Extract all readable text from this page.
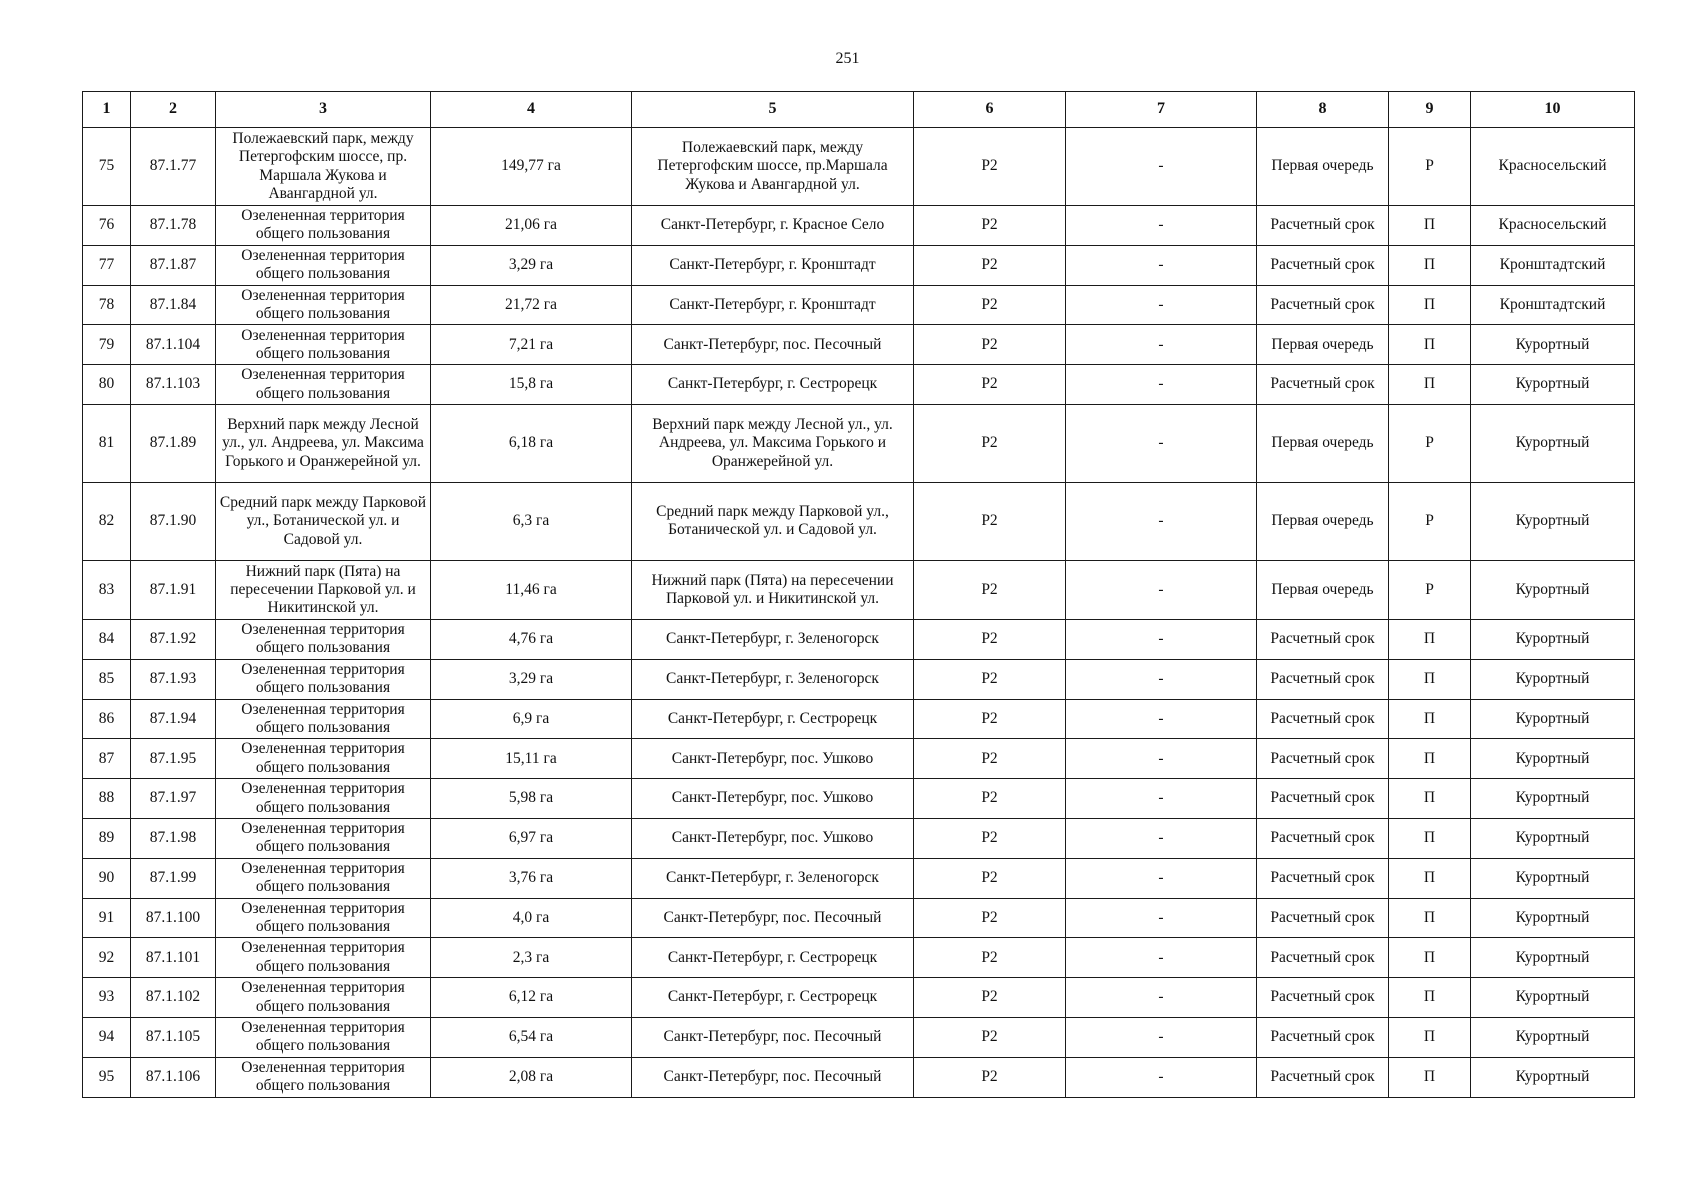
251
1	2	3	4	5	6	7	8	9	10
75	87.1.77	Полежаевский парк, между Петергофским шоссе, пр. Маршала Жукова и Авангардной ул.	149,77 га	Полежаевский парк, между Петергофским шоссе, пр.Маршала Жукова и Авангардной ул.	Р2	-	Первая очередь	Р	Красносельский
76	87.1.78	Озелененная территория общего пользования	21,06 га	Санкт-Петербург, г. Красное Село	Р2	-	Расчетный срок	П	Красносельский
77	87.1.87	Озелененная территория общего пользования	3,29 га	Санкт-Петербург, г. Кронштадт	Р2	-	Расчетный срок	П	Кронштадтский
78	87.1.84	Озелененная территория общего пользования	21,72 га	Санкт-Петербург, г. Кронштадт	Р2	-	Расчетный срок	П	Кронштадтский
79	87.1.104	Озелененная территория общего пользования	7,21 га	Санкт-Петербург, пос. Песочный	Р2	-	Первая очередь	П	Курортный
80	87.1.103	Озелененная территория общего пользования	15,8 га	Санкт-Петербург, г. Сестрорецк	Р2	-	Расчетный срок	П	Курортный
81	87.1.89	Верхний парк между Лесной ул., ул. Андреева, ул. Максима Горького и Оранжерейной ул.	6,18 га	Верхний парк между Лесной ул., ул. Андреева, ул. Максима Горького и Оранжерейной ул.	Р2	-	Первая очередь	Р	Курортный
82	87.1.90	Средний парк между Парковой ул., Ботанической ул. и Садовой ул.	6,3 га	Средний парк между Парковой ул., Ботанической ул. и Садовой ул.	Р2	-	Первая очередь	Р	Курортный
83	87.1.91	Нижний парк (Пята) на пересечении Парковой ул. и Никитинской ул.	11,46 га	Нижний парк (Пята) на пересечении Парковой ул. и Никитинской ул.	Р2	-	Первая очередь	Р	Курортный
84	87.1.92	Озелененная территория общего пользования	4,76 га	Санкт-Петербург, г. Зеленогорск	Р2	-	Расчетный срок	П	Курортный
85	87.1.93	Озелененная территория общего пользования	3,29 га	Санкт-Петербург, г. Зеленогорск	Р2	-	Расчетный срок	П	Курортный
86	87.1.94	Озелененная территория общего пользования	6,9 га	Санкт-Петербург, г. Сестрорецк	Р2	-	Расчетный срок	П	Курортный
87	87.1.95	Озелененная территория общего пользования	15,11 га	Санкт-Петербург, пос. Ушково	Р2	-	Расчетный срок	П	Курортный
88	87.1.97	Озелененная территория общего пользования	5,98 га	Санкт-Петербург, пос. Ушково	Р2	-	Расчетный срок	П	Курортный
89	87.1.98	Озелененная территория общего пользования	6,97 га	Санкт-Петербург, пос. Ушково	Р2	-	Расчетный срок	П	Курортный
90	87.1.99	Озелененная территория общего пользования	3,76 га	Санкт-Петербург, г. Зеленогорск	Р2	-	Расчетный срок	П	Курортный
91	87.1.100	Озелененная территория общего пользования	4,0 га	Санкт-Петербург, пос. Песочный	Р2	-	Расчетный срок	П	Курортный
92	87.1.101	Озелененная территория общего пользования	2,3 га	Санкт-Петербург, г. Сестрорецк	Р2	-	Расчетный срок	П	Курортный
93	87.1.102	Озелененная территория общего пользования	6,12 га	Санкт-Петербург, г. Сестрорецк	Р2	-	Расчетный срок	П	Курортный
94	87.1.105	Озелененная территория общего пользования	6,54 га	Санкт-Петербург, пос. Песочный	Р2	-	Расчетный срок	П	Курортный
95	87.1.106	Озелененная территория общего пользования	2,08 га	Санкт-Петербург, пос. Песочный	Р2	-	Расчетный срок	П	Курортный
